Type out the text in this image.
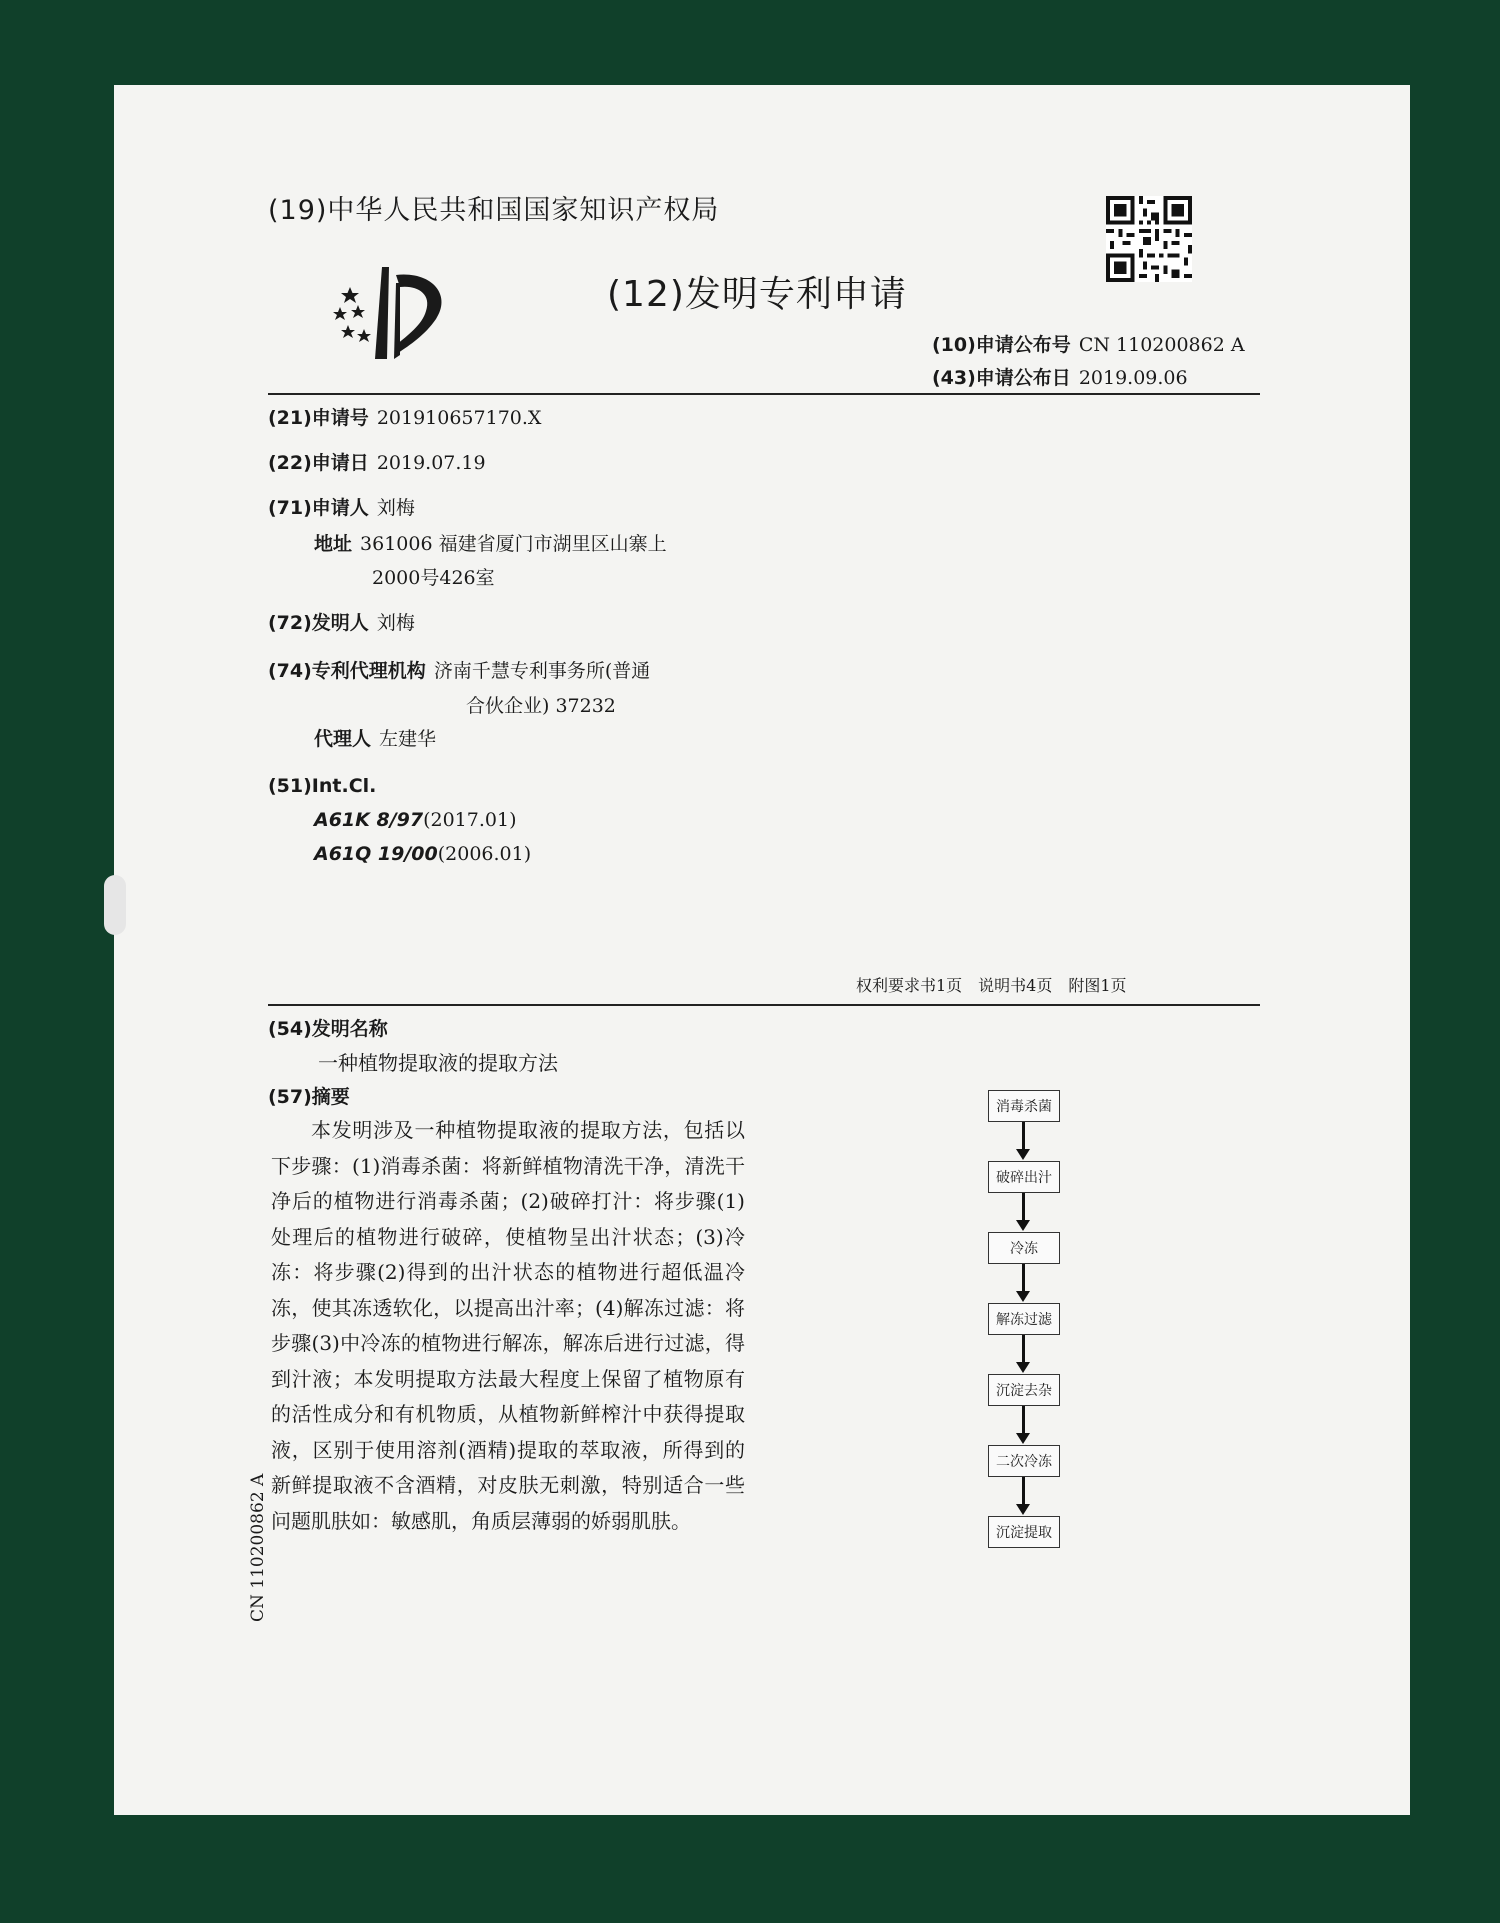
(19)中华人民共和国国家知识产权局
(12)发明专利申请
(10)申请公布号 CN 110200862 A
(43)申请公布日 2019.09.06
(21)申请号 201910657170.X
(22)申请日 2019.07.19
(71)申请人 刘梅
地址 361006 福建省厦门市湖里区山寨上
2000号426室
(72)发明人 刘梅
(74)专利代理机构 济南千慧专利事务所(普通
合伙企业) 37232
代理人 左建华
(51)Int.Cl.
A61K 8/97(2017.01)
A61Q 19/00(2006.01)
权利要求书1页　说明书4页　附图1页
(54)发明名称
一种植物提取液的提取方法
(57)摘要

本发明涉及一种植物提取液的提取方法，包括以下步骤：(1)消毒杀菌：将新鲜植物清洗干净，清洗干净后的植物进行消毒杀菌；(2)破碎打汁：将步骤(1)处理后的植物进行破碎，使植物呈出汁状态；(3)冷冻：将步骤(2)得到的出汁状态的植物进行超低温冷冻，使其冻透软化，以提高出汁率；(4)解冻过滤：将步骤(3)中冷冻的植物进行解冻，解冻后进行过滤，得到汁液；本发明提取方法最大程度上保留了植物原有的活性成分和有机物质，从植物新鲜榨汁中获得提取液，区别于使用溶剂(酒精)提取的萃取液，所得到的新鲜提取液不含酒精，对皮肤无刺激，特别适合一些问题肌肤如：敏感肌，角质层薄弱的娇弱肌肤。

消毒杀菌
破碎出汁
冷冻
解冻过滤
沉淀去杂
二次冷冻
沉淀提取
CN 110200862 A
